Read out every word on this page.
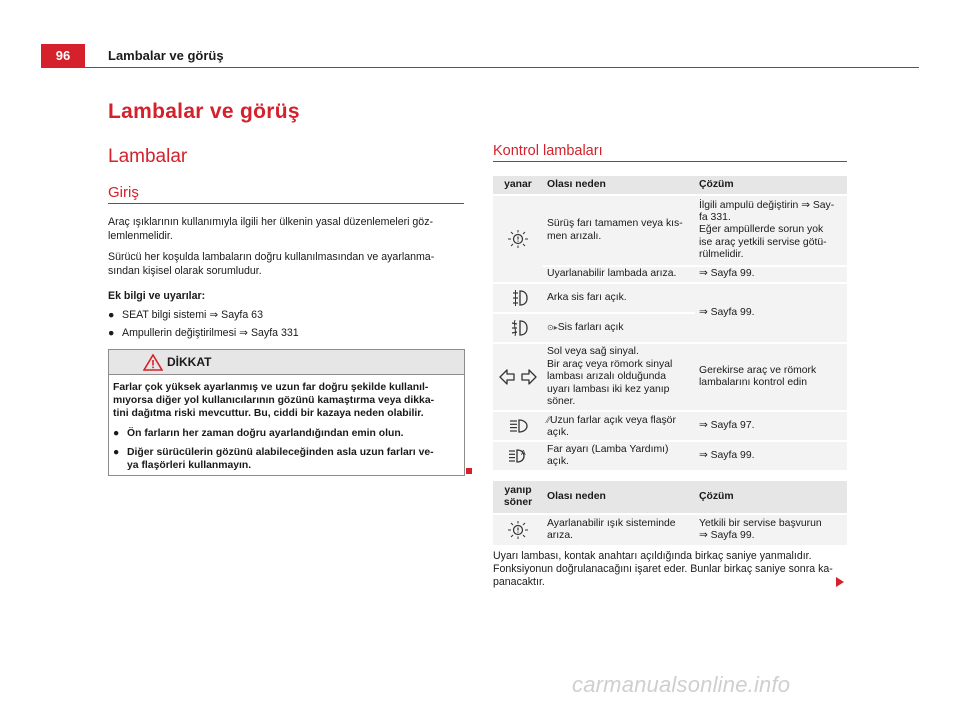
96	Lambalar ve görüş
Lambalar ve görüş
Lambalar
Giriş
Araç ışıklarının kullanımıyla ilgili her ülkenin yasal düzenlemeleri göz-
lemlenmelidir.
Sürücü her koşulda lambaların doğru kullanılmasından ve ayarlanma-
sından kişisel olarak sorumludur.
Ek bilgi ve uyarılar:
● SEAT bilgi sistemi ⇒ Sayfa 63
● Ampullerin değiştirilmesi ⇒ Sayfa 331
DİKKAT

Farlar çok yüksek ayarlanmış ve uzun far doğru şekilde kullanıl-
mıyorsa diğer yol kullanıcılarının gözünü kamaştırma veya dikka-
tini dağıtma riski mevcuttur. Bu, ciddi bir kazaya neden olabilir.

● Ön farların her zaman doğru ayarlandığından emin olun.

● Diğer sürücülerin gözünü alabileceğinden asla uzun farları ve-
ya flaşörleri kullanmayın.

Kontrol lambaları
yanar	Olası neden	Çözüm

	Sürüş farı tamamen veya kıs-
men arızalı.	İlgili ampulü değiştirin ⇒ Say-
fa 331.
Eğer ampüllerde sorun yok
ise araç yetkili servise götü-
rülmelidir.
	Uyarlanabilir lambada arıza.	⇒ Sayfa 99.

	Arka sis farı açık.	⇒ Sayfa 99.

	⊙▸Sis farları açık	

	Sol veya sağ sinyal.
Bir araç veya römork sinyal
lambası arızalı olduğunda
uyarı lambası iki kez yanıp
söner.	Gerekirse araç ve römork
lambalarını kontrol edin

	⁄⁄Uzun farlar açık veya flaşör
açık.	⇒ Sayfa 97.

A	Far ayarı (Lamba Yardımı)
açık.	⇒ Sayfa 99.
yanıp
söner	Olası neden	Çözüm

	Ayarlanabilir ışık sisteminde
arıza.	Yetkili bir servise başvurun
⇒ Sayfa 99.
Uyarı lambası, kontak anahtarı açıldığında birkaç saniye yanmalıdır.
Fonksiyonun doğrulanacağını işaret eder. Bunlar birkaç saniye sonra ka-
panacaktır.
carmanualsonline.info
